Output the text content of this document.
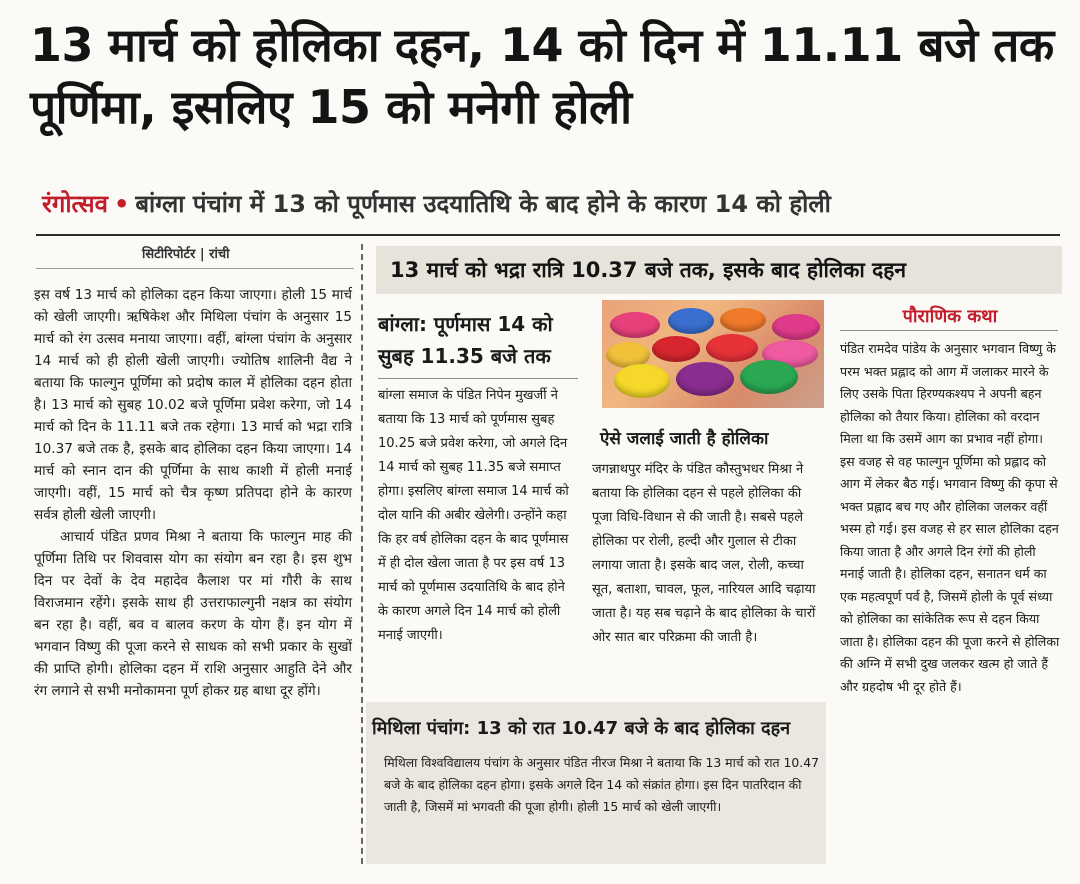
13 मार्च को होलिका दहन, 14 को दिन में 11.11 बजे तक पूर्णिमा, इसलिए 15 को मनेगी होली
रंगोत्सव • बांग्ला पंचांग में 13 को पूर्णमास उदयातिथि के बाद होने के कारण 14 को होली
सिटीरिपोर्टर | रांची

इस वर्ष 13 मार्च को होलिका दहन किया जाएगा। होली 15 मार्च को खेली जाएगी। ऋषिकेश और मिथिला पंचांग के अनुसार 15 मार्च को रंग उत्सव मनाया जाएगा। वहीं, बांग्ला पंचांग के अनुसार 14 मार्च को ही होली खेली जाएगी। ज्योतिष शालिनी वैद्य ने बताया कि फाल्गुन पूर्णिमा को प्रदोष काल में होलिका दहन होता है। 13 मार्च को सुबह 10.02 बजे पूर्णिमा प्रवेश करेगा, जो 14 मार्च को दिन के 11.11 बजे तक रहेगा। 13 मार्च को भद्रा रात्रि 10.37 बजे तक है, इसके बाद होलिका दहन किया जाएगा। 14 मार्च को स्नान दान की पूर्णिमा के साथ काशी में होली मनाई जाएगी। वहीं, 15 मार्च को चैत्र कृष्ण प्रतिपदा होने के कारण सर्वत्र होली खेली जाएगी।

आचार्य पंडित प्रणव मिश्रा ने बताया कि फाल्गुन माह की पूर्णिमा तिथि पर शिववास योग का संयोग बन रहा है। इस शुभ दिन पर देवों के देव महादेव कैलाश पर मां गौरी के साथ विराजमान रहेंगे। इसके साथ ही उत्तराफाल्गुनी नक्षत्र का संयोग बन रहा है। वहीं, बव व बालव करण के योग हैं। इन योग में भगवान विष्णु की पूजा करने से साधक को सभी प्रकार के सुखों की प्राप्ति होगी। होलिका दहन में राशि अनुसार आहुति देने और रंग लगाने से सभी मनोकामना पूर्ण होकर ग्रह बाधा दूर होंगे।

13 मार्च को भद्रा रात्रि 10.37 बजे तक, इसके बाद होलिका दहन
बांग्ला: पूर्णमास 14 को सुबह 11.35 बजे तक

बांग्ला समाज के पंडित निपेन मुखर्जी ने बताया कि 13 मार्च को पूर्णमास सुबह 10.25 बजे प्रवेश करेगा, जो अगले दिन 14 मार्च को सुबह 11.35 बजे समाप्त होगा। इसलिए बांग्ला समाज 14 मार्च को दोल यानि की अबीर खेलेगी। उन्होंने कहा कि हर वर्ष होलिका दहन के बाद पूर्णमास में ही दोल खेला जाता है पर इस वर्ष 13 मार्च को पूर्णमास उदयातिथि के बाद होने के कारण अगले दिन 14 मार्च को होली मनाई जाएगी।

ऐसे जलाई जाती है होलिका

जगन्नाथपुर मंदिर के पंडित कौस्तुभधर मिश्रा ने बताया कि होलिका दहन से पहले होलिका की पूजा विधि-विधान से की जाती है। सबसे पहले होलिका पर रोली, हल्दी और गुलाल से टीका लगाया जाता है। इसके बाद जल, रोली, कच्चा सूत, बताशा, चावल, फूल, नारियल आदि चढ़ाया जाता है। यह सब चढ़ाने के बाद होलिका के चारों ओर सात बार परिक्रमा की जाती है।

पौराणिक कथा

पंडित रामदेव पांडेय के अनुसार भगवान विष्णु के परम भक्त प्रह्लाद को आग में जलाकर मारने के लिए उसके पिता हिरण्यकश्यप ने अपनी बहन होलिका को तैयार किया। होलिका को वरदान मिला था कि उसमें आग का प्रभाव नहीं होगा। इस वजह से वह फाल्गुन पूर्णिमा को प्रह्लाद को आग में लेकर बैठ गई। भगवान विष्णु की कृपा से भक्त प्रह्लाद बच गए और होलिका जलकर वहीं भस्म हो गई। इस वजह से हर साल होलिका दहन किया जाता है और अगले दिन रंगों की होली मनाई जाती है। होलिका दहन, सनातन धर्म का एक महत्वपूर्ण पर्व है, जिसमें होली के पूर्व संध्या को होलिका का सांकेतिक रूप से दहन किया जाता है। होलिका दहन की पूजा करने से होलिका की अग्नि में सभी दुख जलकर खत्म हो जाते हैं और ग्रहदोष भी दूर होते हैं।

मिथिला पंचांग: 13 को रात 10.47 बजे के बाद होलिका दहन

मिथिला विश्वविद्यालय पंचांग के अनुसार पंडित नीरज मिश्रा ने बताया कि 13 मार्च को रात 10.47 बजे के बाद होलिका दहन होगा। इसके अगले दिन 14 को संक्रांत होगा। इस दिन पातरिदान की जाती है, जिसमें मां भगवती की पूजा होगी। होली 15 मार्च को खेली जाएगी।
